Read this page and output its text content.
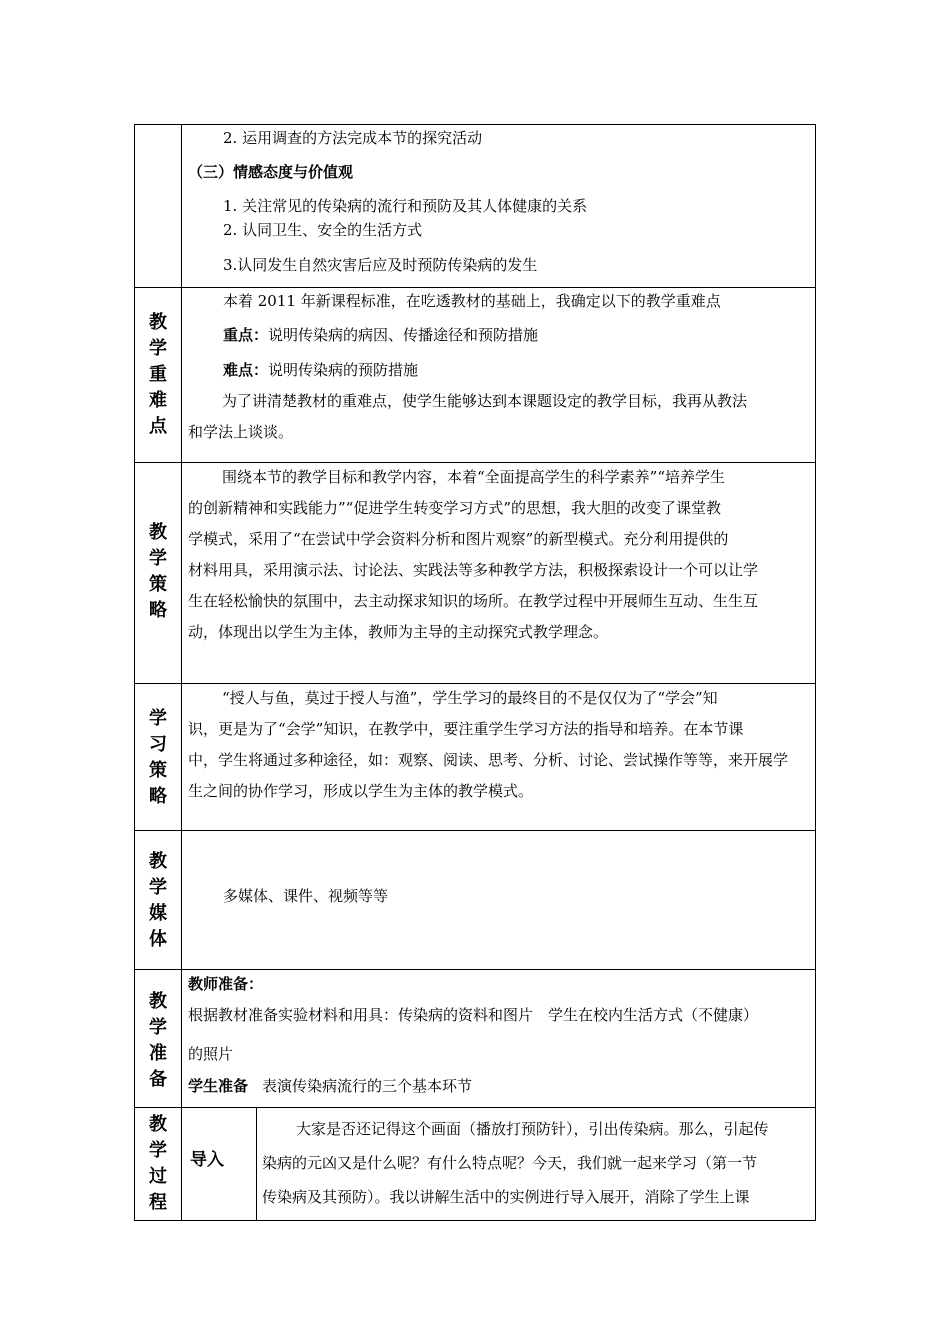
2. 运用调查的方法完成本节的探究活动
（三）情感态度与价值观
1. 关注常见的传染病的流行和预防及其人体健康的关系
2. 认同卫生、安全的生活方式
3.认同发生自然灾害后应及时预防传染病的发生
教
学
重
难
点
本着 2011 年新课程标准，在吃透教材的基础上，我确定以下的教学重难点
重点：说明传染病的病因、传播途径和预防措施
难点：说明传染病的预防措施
为了讲清楚教材的重难点，使学生能够达到本课题设定的教学目标，我再从教法
和学法上谈谈。
教
学
策
略
围绕本节的教学目标和教学内容，本着“全面提高学生的科学素养”“培养学生
的创新精神和实践能力”“促进学生转变学习方式”的思想，我大胆的改变了课堂教
学模式，采用了“在尝试中学会资料分析和图片观察”的新型模式。充分利用提供的
材料用具，采用演示法、讨论法、实践法等多种教学方法，积极探索设计一个可以让学
生在轻松愉快的氛围中，去主动探求知识的场所。在教学过程中开展师生互动、生生互
动，体现出以学生为主体，教师为主导的主动探究式教学理念。
学
习
策
略
“授人与鱼，莫过于授人与渔”，学生学习的最终目的不是仅仅为了“学会”知
识，更是为了“会学”知识，在教学中，要注重学生学习方法的指导和培养。在本节课
中，学生将通过多种途径，如：观察、阅读、思考、分析、讨论、尝试操作等等，来开展学
生之间的协作学习，形成以学生为主体的教学模式。
教
学
媒
体
多媒体、课件、视频等等
教
学
准
备
教师准备：
根据教材准备实验材料和用具：传染病的资料和图片　学生在校内生活方式（不健康）
的照片
学生准备 表演传染病流行的三个基本环节
教
学
过
程
导入
大家是否还记得这个画面（播放打预防针），引出传染病。那么，引起传
染病的元凶又是什么呢？有什么特点呢？今天，我们就一起来学习（第一节
传染病及其预防）。我以讲解生活中的实例进行导入展开，消除了学生上课
